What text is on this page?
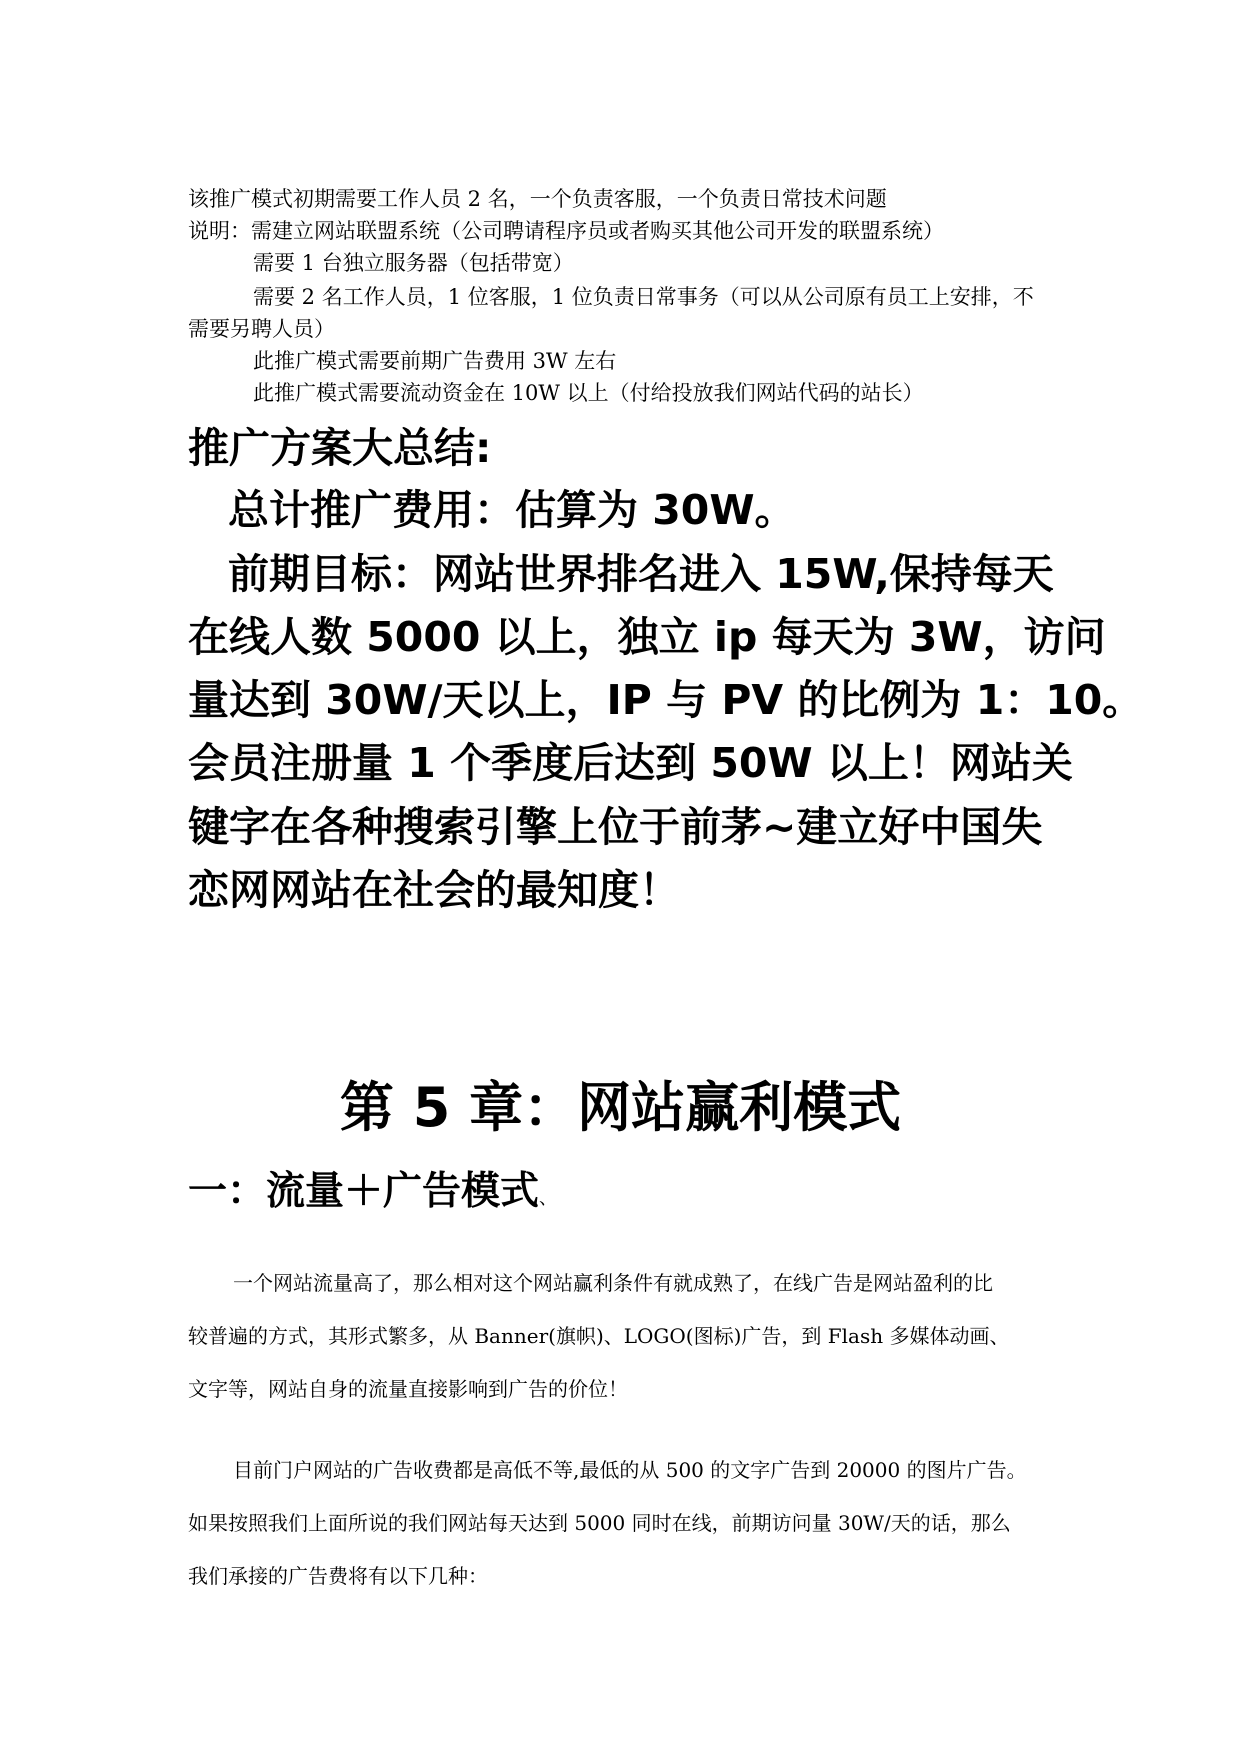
该推广模式初期需要工作人员 2 名，一个负责客服，一个负责日常技术问题

说明：需建立网站联盟系统（公司聘请程序员或者购买其他公司开发的联盟系统）

需要 1 台独立服务器（包括带宽）

需要 2 名工作人员，1 位客服，1 位负责日常事务（可以从公司原有员工上安排，不

需要另聘人员）

此推广模式需要前期广告费用 3W 左右

此推广模式需要流动资金在 10W 以上（付给投放我们网站代码的站长）

推广方案大总结:

总计推广费用：估算为 30W。

前期目标：网站世界排名进入 15W,保持每天

在线人数 5000 以上，独立 ip 每天为 3W，访问

量达到 30W/天以上，IP 与 PV 的比例为 1：10。

会员注册量 1 个季度后达到 50W 以上！网站关

键字在各种搜索引擎上位于前茅~建立好中国失

恋网网站在社会的最知度！

第 5 章：网站赢利模式
一：流量＋广告模式、

一个网站流量高了，那么相对这个网站赢利条件有就成熟了，在线广告是网站盈利的比

较普遍的方式，其形式繁多，从 Banner(旗帜)、LOGO(图标)广告，到 Flash 多媒体动画、

文字等，网站自身的流量直接影响到广告的价位！

目前门户网站的广告收费都是高低不等,最低的从 500 的文字广告到 20000 的图片广告。

如果按照我们上面所说的我们网站每天达到 5000 同时在线，前期访问量 30W/天的话，那么

我们承接的广告费将有以下几种：
